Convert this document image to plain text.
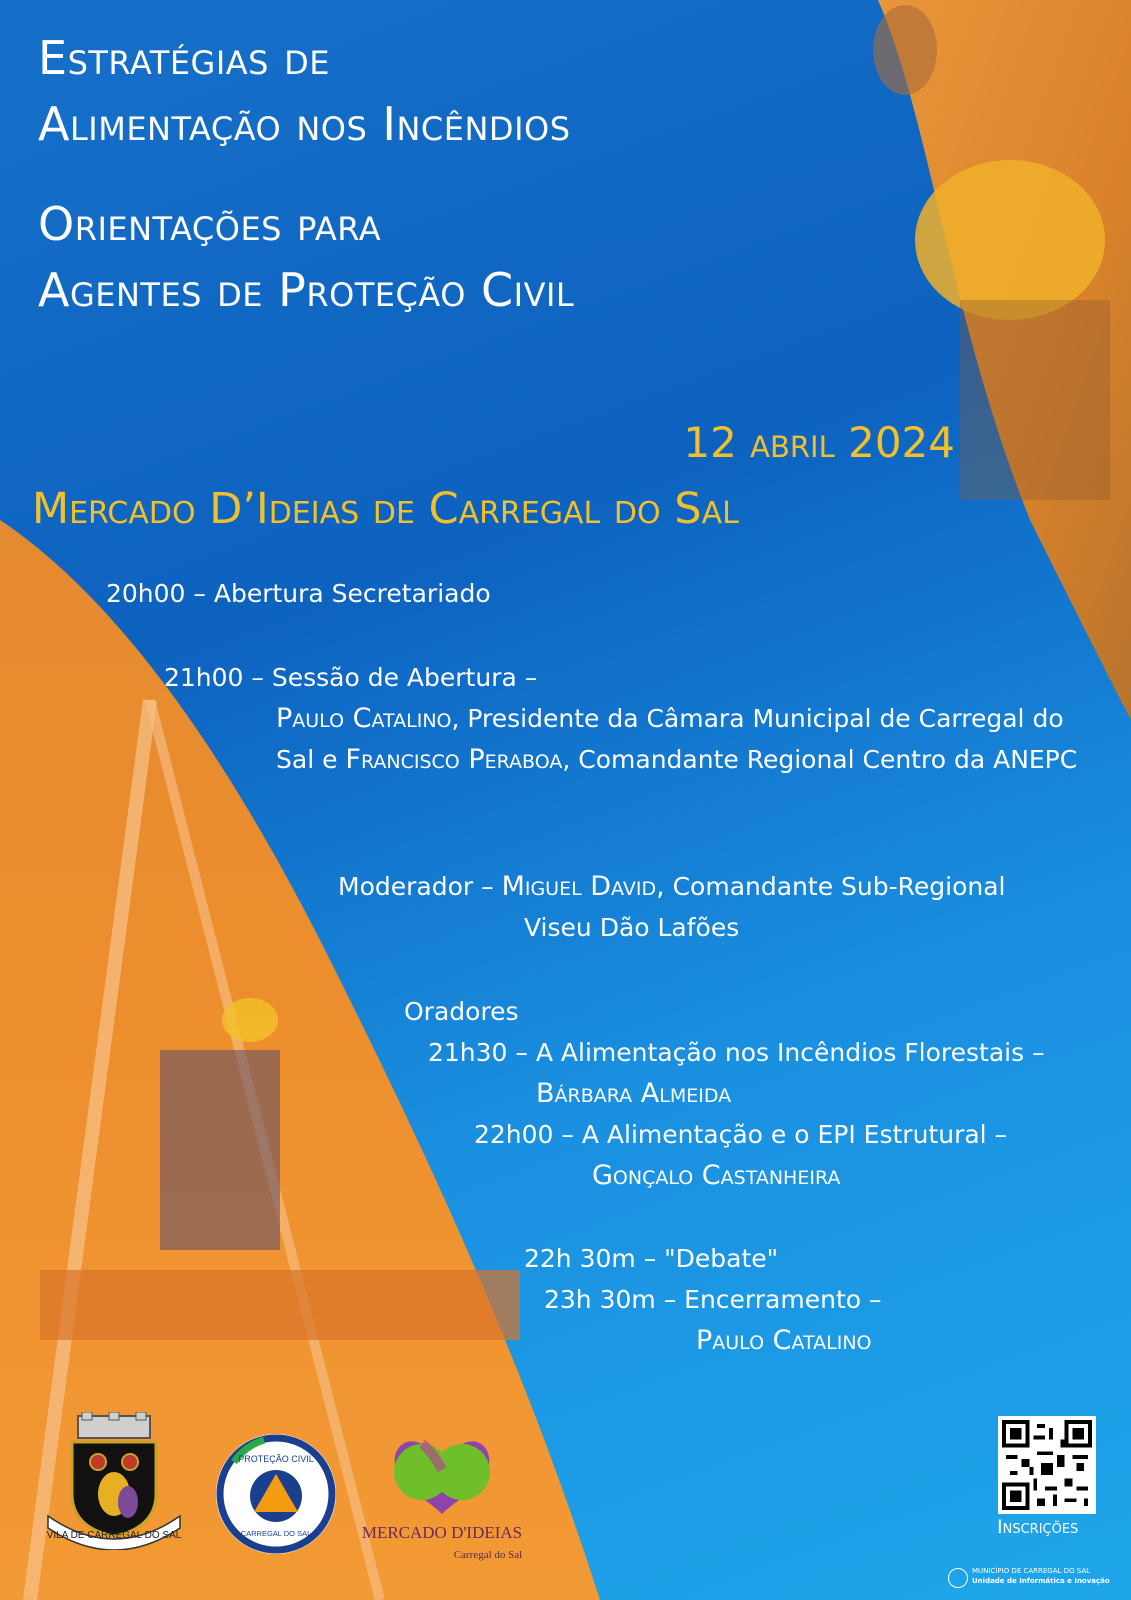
Estratégias de
Alimentação nos Incêndios
Orientações para
Agentes de Proteção Civil
12 abril 2024
Mercado D’Ideias de Carregal do Sal
20h00 – Abertura Secretariado
21h00 – Sessão de Abertura –
Paulo Catalino, Presidente da Câmara Municipal de Carregal do Sal e Francisco Peraboa, Comandante Regional Centro da ANEPC
Moderador – Miguel David, Comandante Sub-Regional
Viseu Dão Lafões
Oradores
21h30 – A Alimentação nos Incêndios Florestais –
Bárbara Almeida
22h00 – A Alimentação e o EPI Estrutural –
Gonçalo Castanheira
22h 30m – "Debate"
23h 30m – Encerramento –
Paulo Catalino
VILA DE CARREGAL DO SAL
PROTEÇÃO CIVIL
CARREGAL DO SAL	MERCADO D'IDEIAS
Carregal do Sal
Inscrições
MUNICÍPIO DE CARREGAL DO SAL
Unidade de Informática e Inovação
